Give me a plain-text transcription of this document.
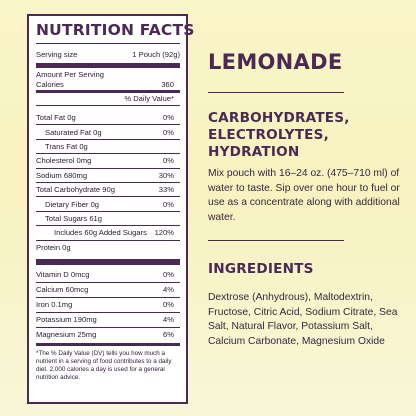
NUTRITION FACTS
Serving size	1 Pouch (92g)
Amount Per Serving
Calories	360
% Daily Value*
Total Fat 0g	0%
Saturated Fat 0g	0%
Trans Fat 0g
Cholesterol 0mg	0%
Sodium 680mg	30%
Total Carbohydrate 90g	33%
Dietary Fiber 0g	0%
Total Sugars 61g
Includes 60g Added Sugars 120%
Protein 0g
Vitamin D 0mcg	0%
Calcium 60mcg	4%
Iron 0.1mg	0%
Potassium 190mg	4%
Magnesium 25mg	6%
*The % Daily Value (DV) tells you how much a nutrient in a serving of food contributes to a daily diet. 2,000 calories a day is used for a general nutrition advice.
LEMONADE
CARBOHYDRATES,
ELECTROLYTES,
HYDRATION
Mix pouch with 16–24 oz. (475–710 ml) of water to taste. Sip over one hour to fuel or use as a concentrate along with additional water.
INGREDIENTS
Dextrose (Anhydrous), Maltodextrin, Fructose, Citric Acid, Sodium Citrate, Sea Salt, Natural Flavor, Potassium Salt, Calcium Carbonate, Magnesium Oxide
